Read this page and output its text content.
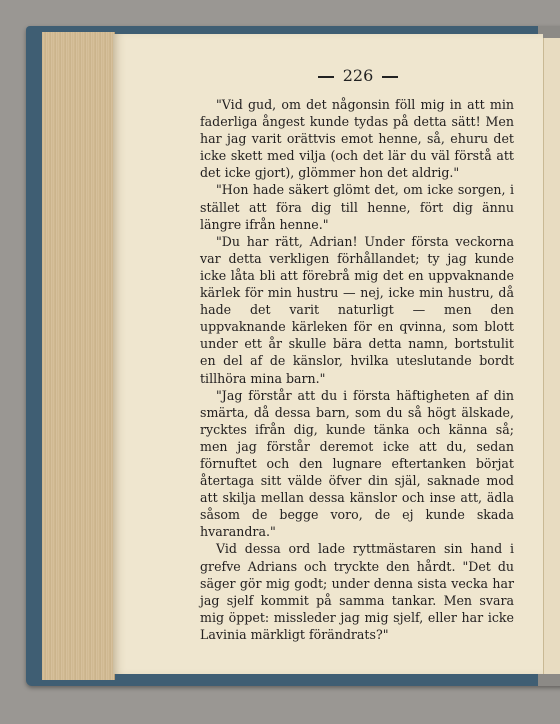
226

"Vid gud, om det någonsin föll mig in att min faderliga ångest kunde tydas på detta sätt! Men har jag varit orättvis emot henne, så, ehuru det icke skett med vilja (och det lär du väl förstå att det icke gjort), glömmer hon det aldrig."

"Hon hade säkert glömt det, om icke sorgen, i stället att föra dig till henne, fört dig ännu längre ifrån henne."

"Du har rätt, Adrian! Under första veckorna var detta verkligen förhållandet; ty jag kunde icke låta bli att förebrå mig det en uppvaknande kärlek för min hustru — nej, icke min hustru, då hade det varit naturligt — men den uppvaknande kärleken för en qvinna, som blott under ett år skulle bära detta namn, bortstulit en del af de känslor, hvilka uteslutande bordt tillhöra mina barn."

"Jag förstår att du i första häftigheten af din smärta, då dessa barn, som du så högt älskade, rycktes ifrån dig, kunde tänka och känna så; men jag förstår deremot icke att du, sedan förnuftet och den lugnare eftertanken börjat återtaga sitt välde öfver din själ, saknade mod att skilja mellan dessa känslor och inse att, ädla såsom de begge voro, de ej kunde skada hvarandra."

Vid dessa ord lade ryttmästaren sin hand i grefve Adrians och tryckte den hårdt. "Det du säger gör mig godt; under denna sista vecka har jag sjelf kommit på samma tankar. Men svara mig öppet: missleder jag mig sjelf, eller har icke Lavinia märkligt förändrats?"
